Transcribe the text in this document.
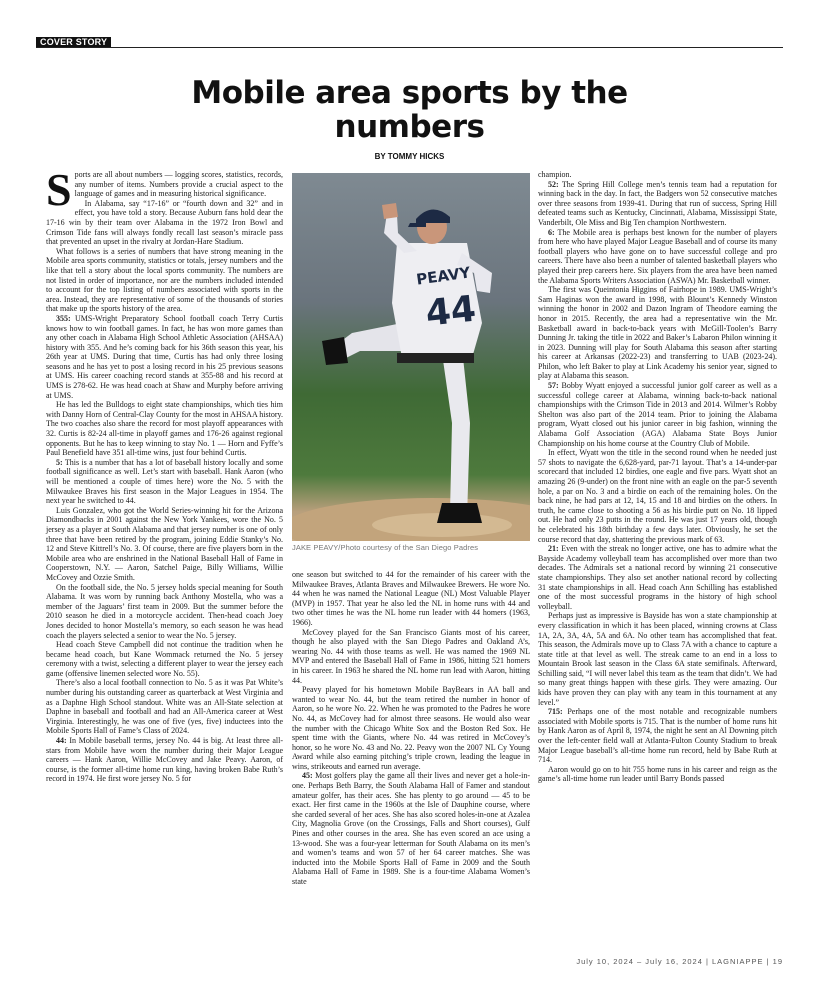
COVER STORY
Mobile area sports by the numbers
BY TOMMY HICKS

Sports are all about numbers — logging scores, statistics, records, any number of items. Numbers provide a crucial aspect to the language of games and in measuring historical significance.

In Alabama, say “17-16” or “fourth down and 32” and in effect, you have told a story. Because Auburn fans hold dear the 17-16 win by their team over Alabama in the 1972 Iron Bowl and Crimson Tide fans will always fondly recall last season’s miracle pass that prevented an upset in the rivalry at Jordan-Hare Stadium.

What follows is a series of numbers that have strong meaning in the Mobile area sports community, statistics or totals, jersey numbers and the like that tell a story about the local sports community. The numbers are not listed in order of importance, nor are the numbers included intended to account for the top listing of numbers associated with sports in the area. Instead, they are representative of some of the thousands of stories that make up the sports history of the area.

355: UMS-Wright Preparatory School football coach Terry Curtis knows how to win football games. In fact, he has won more games than any other coach in Alabama High School Athletic Association (AHSAA) history with 355. And he’s coming back for his 36th season this year, his 26th year at UMS. During that time, Curtis has had only three losing seasons and he has yet to post a losing record in his 25 previous seasons at UMS. His career coaching record stands at 355-88 and his record at UMS is 278-62. He was head coach at Shaw and Murphy before arriving at UMS.

He has led the Bulldogs to eight state championships, which ties him with Danny Horn of Central-Clay County for the most in AHSAA history. The two coaches also share the record for most playoff appearances with 32. Curtis is 82-24 all-time in playoff games and 176-26 against regional opponents. But he has to keep winning to stay No. 1 — Horn and Fyffe’s Paul Benefield have 351 all-time wins, just four behind Curtis.

5: This is a number that has a lot of baseball history locally and some football significance as well. Let’s start with baseball. Hank Aaron (who will be mentioned a couple of times here) wore the No. 5 with the Milwaukee Braves his first season in the Major Leagues in 1954. The next year he switched to 44.

Luis Gonzalez, who got the World Series-winning hit for the Arizona Diamondbacks in 2001 against the New York Yankees, wore the No. 5 jersey as a player at South Alabama and that jersey number is one of only three that have been retired by the program, joining Eddie Stanky’s No. 12 and Steve Kittrell’s No. 3. Of course, there are five players born in the Mobile area who are enshrined in the National Baseball Hall of Fame in Cooperstown, N.Y. — Aaron, Satchel Paige, Billy Williams, Willie McCovey and Ozzie Smith.

On the football side, the No. 5 jersey holds special meaning for South Alabama. It was worn by running back Anthony Mostella, who was a member of the Jaguars’ first team in 2009. But the summer before the 2010 season he died in a motorcycle accident. Then-head coach Joey Jones decided to honor Mostella’s memory, so each season he was head coach the players selected a senior to wear the No. 5 jersey.

Head coach Steve Campbell did not continue the tradition when he became head coach, but Kane Wommack returned the No. 5 jersey ceremony with a twist, selecting a different player to wear the jersey each game (offensive linemen selected wore No. 55).

There’s also a local football connection to No. 5 as it was Pat White’s number during his outstanding career as quarterback at West Virginia and as a Daphne High School standout. White was an All-State selection at Daphne in baseball and football and had an All-America career at West Virginia. Interestingly, he was one of five (yes, five) inductees into the Mobile Sports Hall of Fame’s Class of 2024.

44: In Mobile baseball terms, jersey No. 44 is big. At least three all-stars from Mobile have worn the number during their Major League careers — Hank Aaron, Willie McCovey and Jake Peavy. Aaron, of course, is the former all-time home run king, having broken Babe Ruth’s record in 1974. He first wore jersey No. 5 for

PEAVY
44
JAKE PEAVY/Photo courtesy of the San Diego Padres

one season but switched to 44 for the remainder of his career with the Milwaukee Braves, Atlanta Braves and Milwaukee Brewers. He wore No. 44 when he was named the National League (NL) Most Valuable Player (MVP) in 1957. That year he also led the NL in home runs with 44 and two other times he was the NL home run leader with 44 homers (1963, 1966).

McCovey played for the San Francisco Giants most of his career, though he also played with the San Diego Padres and Oakland A’s, wearing No. 44 with those teams as well. He was named the 1969 NL MVP and entered the Baseball Hall of Fame in 1986, hitting 521 homers in his career. In 1963 he shared the NL home run lead with Aaron, hitting 44.

Peavy played for his hometown Mobile BayBears in AA ball and wanted to wear No. 44, but the team retired the number in honor of Aaron, so he wore No. 22. When he was promoted to the Padres he wore No. 44, as McCovey had for almost three seasons. He would also wear the number with the Chicago White Sox and the Boston Red Sox. He spent time with the Giants, where No. 44 was retired in McCovey’s honor, so he wore No. 43 and No. 22. Peavy won the 2007 NL Cy Young Award while also earning pitching’s triple crown, leading the league in wins, strikeouts and earned run average.

45: Most golfers play the game all their lives and never get a hole-in-one. Perhaps Beth Barry, the South Alabama Hall of Famer and standout amateur golfer, has their aces. She has plenty to go around — 45 to be exact. Her first came in the 1960s at the Isle of Dauphine course, where she carded several of her aces. She has also scored holes-in-one at Azalea City, Magnolia Grove (on the Crossings, Falls and Short courses), Gulf Pines and other courses in the area. She has even scored an ace using a 13-wood. She was a four-year letterman for South Alabama on its men’s and women’s teams and won 57 of her 64 career matches. She was inducted into the Mobile Sports Hall of Fame in 2009 and the South Alabama Hall of Fame in 1989. She is a four-time Alabama Women’s state

champion.

52: The Spring Hill College men’s tennis team had a reputation for winning back in the day. In fact, the Badgers won 52 consecutive matches over three seasons from 1939-41. During that run of success, Spring Hill defeated teams such as Kentucky, Cincinnati, Alabama, Mississippi State, Vanderbilt, Ole Miss and Big Ten champion Northwestern.

6: The Mobile area is perhaps best known for the number of players from here who have played Major League Baseball and of course its many football players who have gone on to have successful college and pro careers. There have also been a number of talented basketball players who played their prep careers here. Six players from the area have been named the Alabama Sports Writers Association (ASWA) Mr. Basketball winner.

The first was Queintonia Higgins of Fairhope in 1989. UMS-Wright’s Sam Haginas won the award in 1998, with Blount’s Kennedy Winston winning the honor in 2002 and Dazon Ingram of Theodore earning the honor in 2015. Recently, the area had a representative win the Mr. Basketball award in back-to-back years with McGill-Toolen’s Barry Dunning Jr. taking the title in 2022 and Baker’s Labaron Philon winning it in 2023. Dunning will play for South Alabama this season after starting his career at Arkansas (2022-23) and transferring to UAB (2023-24). Philon, who left Baker to play at Link Academy his senior year, signed to play at Alabama this season.

57: Bobby Wyatt enjoyed a successful junior golf career as well as a successful college career at Alabama, winning back-to-back national championships with the Crimson Tide in 2013 and 2014. Wilmer’s Robby Shelton was also part of the 2014 team. Prior to joining the Alabama program, Wyatt closed out his junior career in big fashion, winning the Alabama Golf Association (AGA) Alabama State Boys Junior Championship on his home course at the Country Club of Mobile.

In effect, Wyatt won the title in the second round when he needed just 57 shots to navigate the 6,628-yard, par-71 layout. That’s a 14-under-par scorecard that included 12 birdies, one eagle and five pars. Wyatt shot an amazing 26 (9-under) on the front nine with an eagle on the par-5 seventh hole, a par on No. 3 and a birdie on each of the remaining holes. On the back nine, he had pars at 12, 14, 15 and 18 and birdies on the others. In truth, he came close to shooting a 56 as his birdie putt on No. 18 lipped out. He had only 23 putts in the round. He was just 17 years old, though he celebrated his 18th birthday a few days later. Obviously, he set the course record that day, shattering the previous mark of 63.

21: Even with the streak no longer active, one has to admire what the Bayside Academy volleyball team has accomplished over more than two decades. The Admirals set a national record by winning 21 consecutive state championships. They also set another national record by collecting 31 state championships in all. Head coach Ann Schilling has established one of the most successful programs in the history of high school volleyball.

Perhaps just as impressive is Bayside has won a state championship at every classification in which it has been placed, winning crowns at Class 1A, 2A, 3A, 4A, 5A and 6A. No other team has accomplished that feat. This season, the Admirals move up to Class 7A with a chance to capture a state title at that level as well. The streak came to an end in a loss to Mountain Brook last season in the Class 6A state semifinals. Afterward, Schilling said, “I will never label this team as the team that didn’t. We had so many great things happen with these girls. They were amazing. Our kids have proven they can play with any team in this tournament at any level.”

715: Perhaps one of the most notable and recognizable numbers associated with Mobile sports is 715. That is the number of home runs hit by Hank Aaron as of April 8, 1974, the night he sent an Al Downing pitch over the left-center field wall at Atlanta-Fulton County Stadium to break Major League baseball’s all-time home run record, held by Babe Ruth at 714.

Aaron would go on to hit 755 home runs in his career and reign as the game’s all-time home run leader until Barry Bonds passed

July 10, 2024 – July 16, 2024 | LAGNIAPPE | 19
